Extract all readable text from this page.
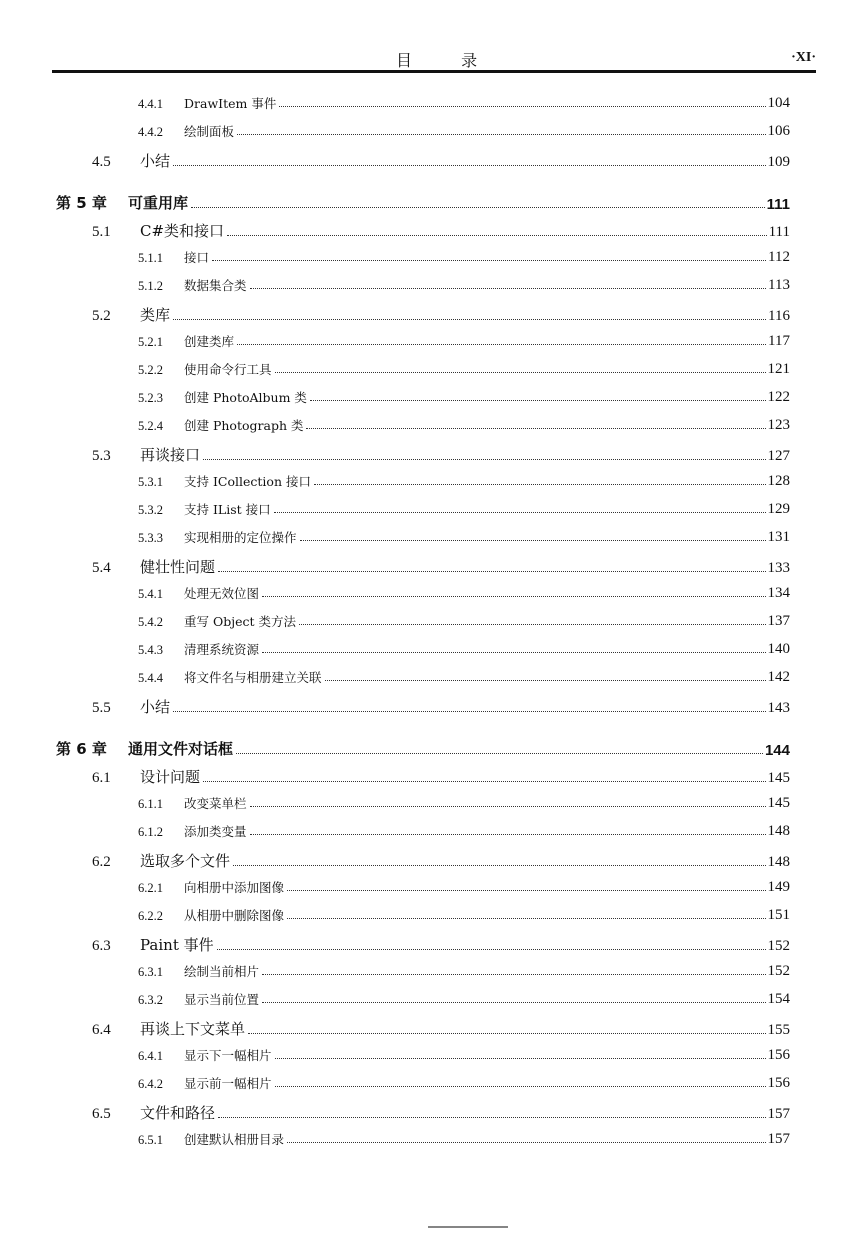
目 录	·XI·
4.4.1	DrawItem 事件	104
4.4.2	绘制面板	106
4.5	小结	109
第 5 章	可重用库	111
5.1	C#类和接口	111
5.1.1	接口	112
5.1.2	数据集合类	113
5.2	类库	116
5.2.1	创建类库	117
5.2.2	使用命令行工具	121
5.2.3	创建 PhotoAlbum 类	122
5.2.4	创建 Photograph 类	123
5.3	再谈接口	127
5.3.1	支持 ICollection 接口	128
5.3.2	支持 IList 接口	129
5.3.3	实现相册的定位操作	131
5.4	健壮性问题	133
5.4.1	处理无效位图	134
5.4.2	重写 Object 类方法	137
5.4.3	清理系统资源	140
5.4.4	将文件名与相册建立关联	142
5.5	小结	143
第 6 章	通用文件对话框	144
6.1	设计问题	145
6.1.1	改变菜单栏	145
6.1.2	添加类变量	148
6.2	选取多个文件	148
6.2.1	向相册中添加图像	149
6.2.2	从相册中删除图像	151
6.3	Paint 事件	152
6.3.1	绘制当前相片	152
6.3.2	显示当前位置	154
6.4	再谈上下文菜单	155
6.4.1	显示下一幅相片	156
6.4.2	显示前一幅相片	156
6.5	文件和路径	157
6.5.1	创建默认相册目录	157
